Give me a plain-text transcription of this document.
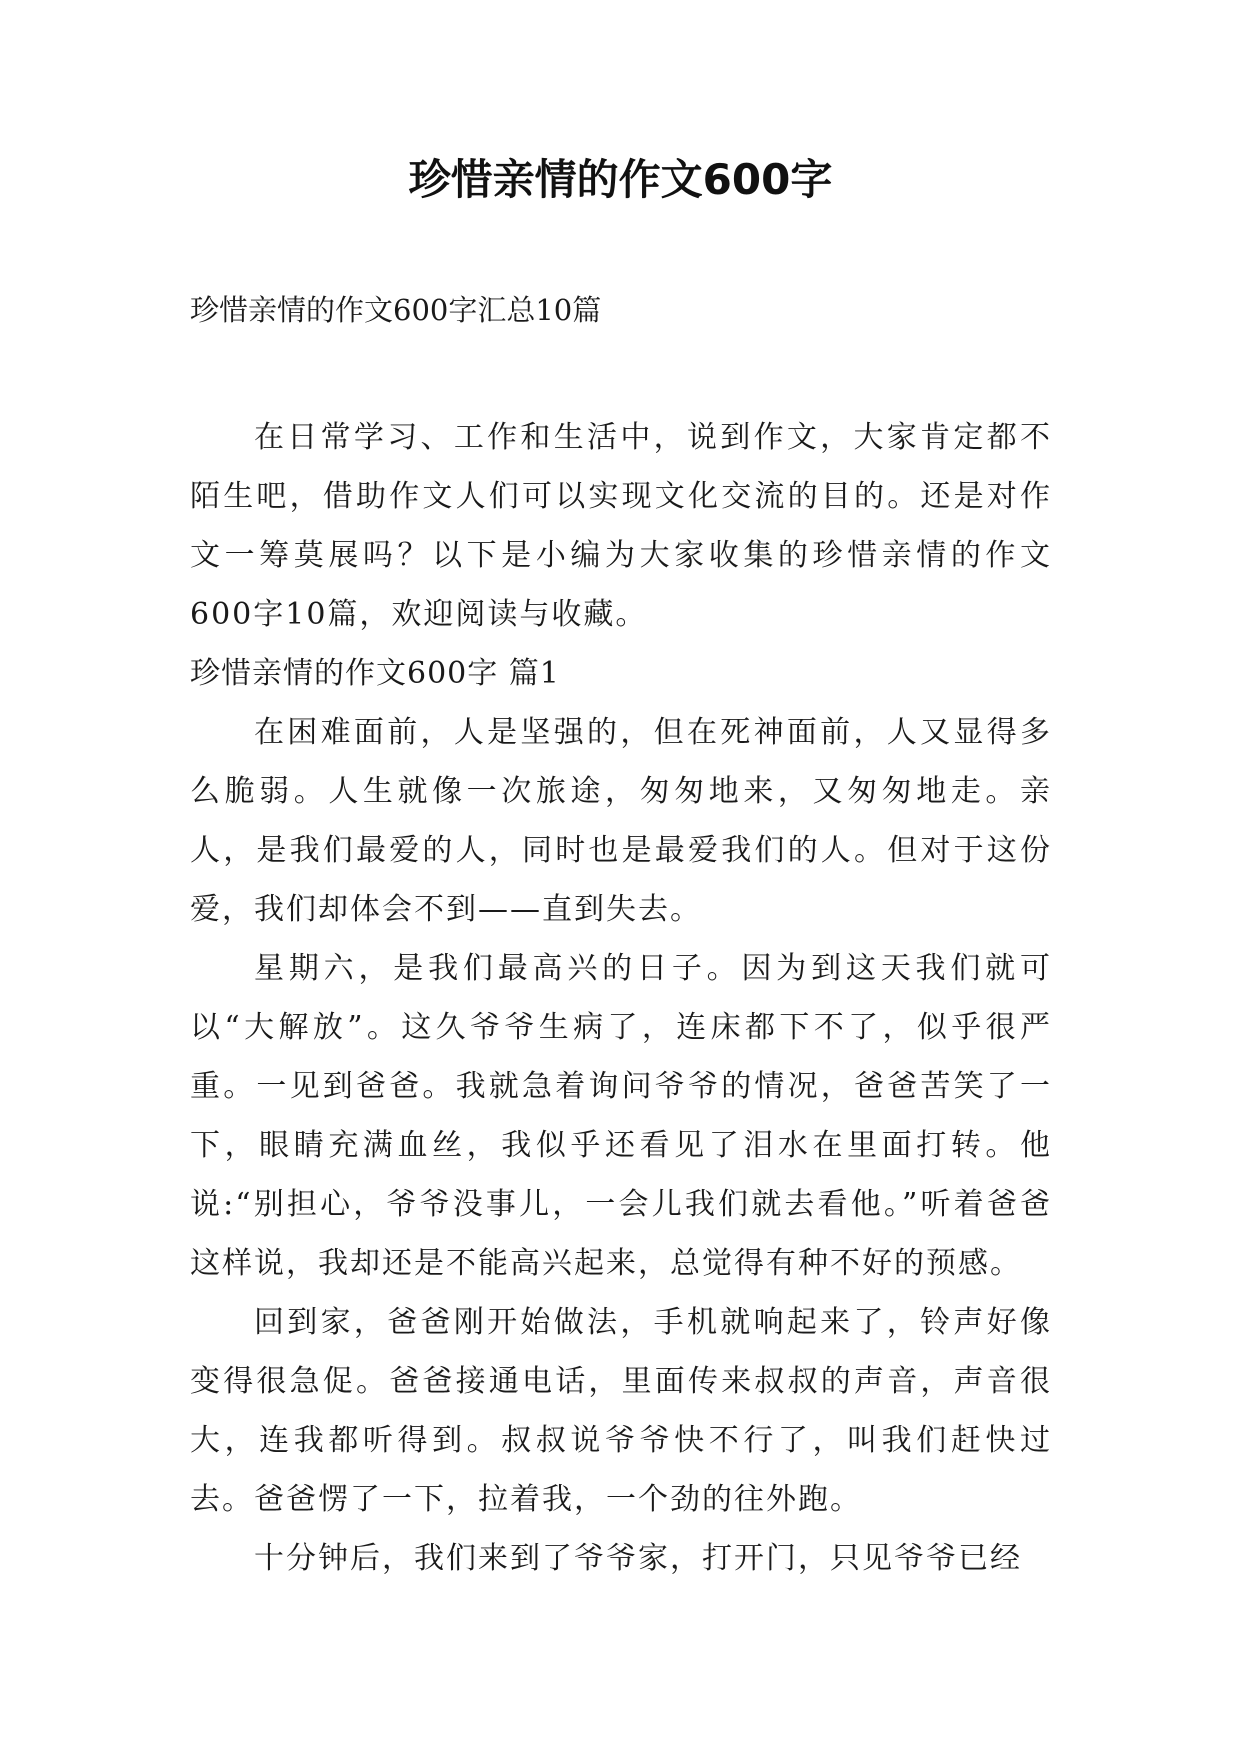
珍惜亲情的作文600字

珍惜亲情的作文600字汇总10篇

在日常学习、工作和生活中，说到作文，大家肯定都不陌生吧，借助作文人们可以实现文化交流的目的。还是对作文一筹莫展吗？以下是小编为大家收集的珍惜亲情的作文600字10篇，欢迎阅读与收藏。

珍惜亲情的作文600字 篇1

在困难面前，人是坚强的，但在死神面前，人又显得多么脆弱。人生就像一次旅途，匆匆地来，又匆匆地走。亲人，是我们最爱的人，同时也是最爱我们的人。但对于这份爱，我们却体会不到——直到失去。

星期六，是我们最高兴的日子。因为到这天我们就可以“大解放”。这久爷爷生病了，连床都下不了，似乎很严重。一见到爸爸。我就急着询问爷爷的情况，爸爸苦笑了一下，眼睛充满血丝，我似乎还看见了泪水在里面打转。他说:“别担心，爷爷没事儿，一会儿我们就去看他。”听着爸爸这样说，我却还是不能高兴起来，总觉得有种不好的预感。

回到家，爸爸刚开始做法，手机就响起来了，铃声好像变得很急促。爸爸接通电话，里面传来叔叔的声音，声音很大，连我都听得到。叔叔说爷爷快不行了，叫我们赶快过去。爸爸愣了一下，拉着我，一个劲的往外跑。

十分钟后，我们来到了爷爷家，打开门，只见爷爷已经
